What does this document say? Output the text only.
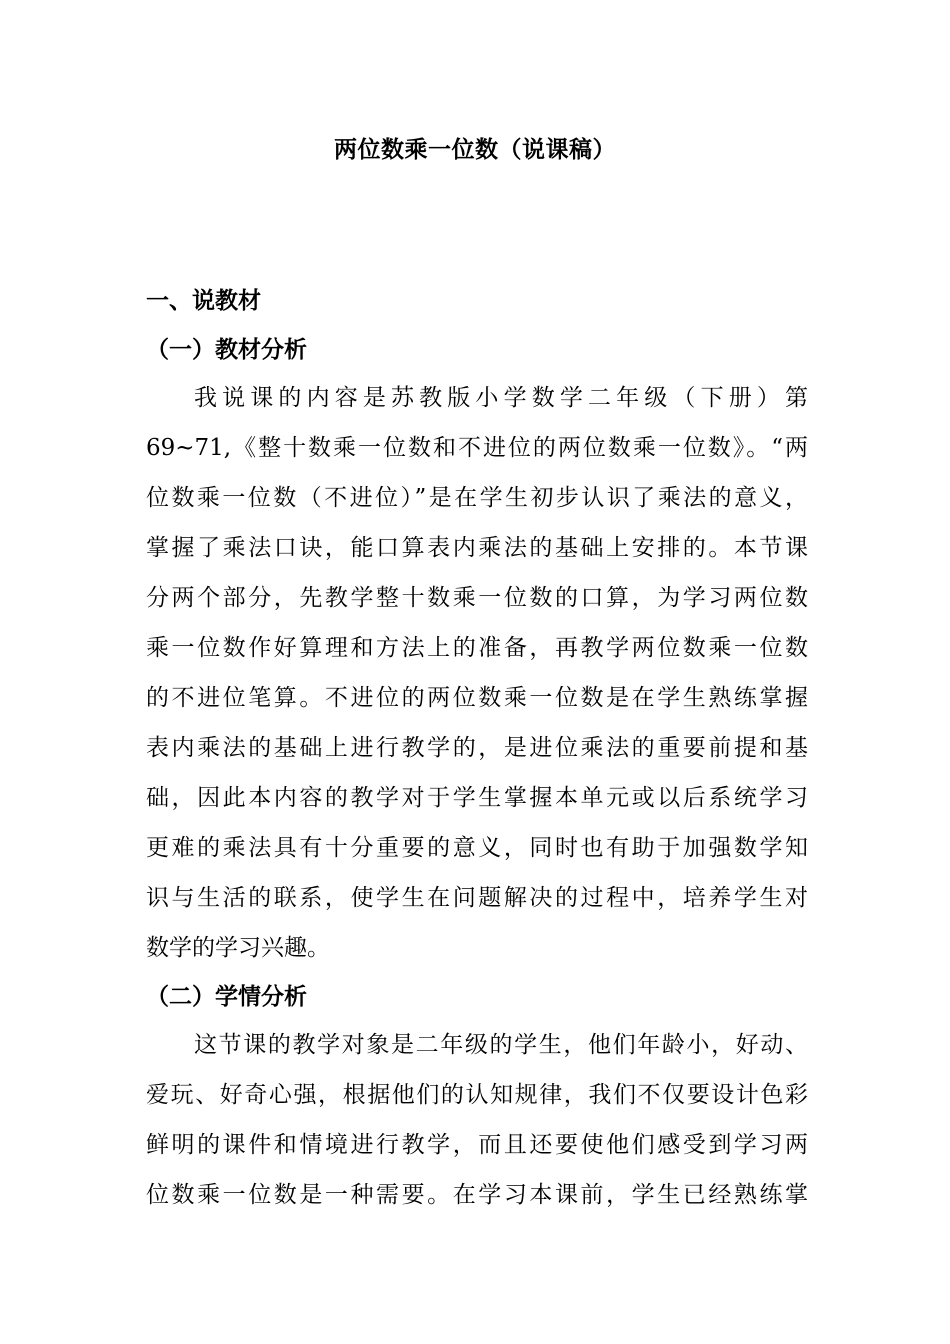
两位数乘一位数（说课稿）
一、说教材
（一）教材分析
我说课的内容是苏教版小学数学二年级（下册）第
69~71,《整十数乘一位数和不进位的两位数乘一位数》。“两
位数乘一位数（不进位）”是在学生初步认识了乘法的意义，
掌握了乘法口诀，能口算表内乘法的基础上安排的。本节课
分两个部分，先教学整十数乘一位数的口算，为学习两位数
乘一位数作好算理和方法上的准备，再教学两位数乘一位数
的不进位笔算。不进位的两位数乘一位数是在学生熟练掌握
表内乘法的基础上进行教学的，是进位乘法的重要前提和基
础，因此本内容的教学对于学生掌握本单元或以后系统学习
更难的乘法具有十分重要的意义，同时也有助于加强数学知
识与生活的联系，使学生在问题解决的过程中，培养学生对
数学的学习兴趣。
（二）学情分析
这节课的教学对象是二年级的学生，他们年龄小，好动、
爱玩、好奇心强，根据他们的认知规律，我们不仅要设计色彩
鲜明的课件和情境进行教学，而且还要使他们感受到学习两
位数乘一位数是一种需要。在学习本课前，学生已经熟练掌
